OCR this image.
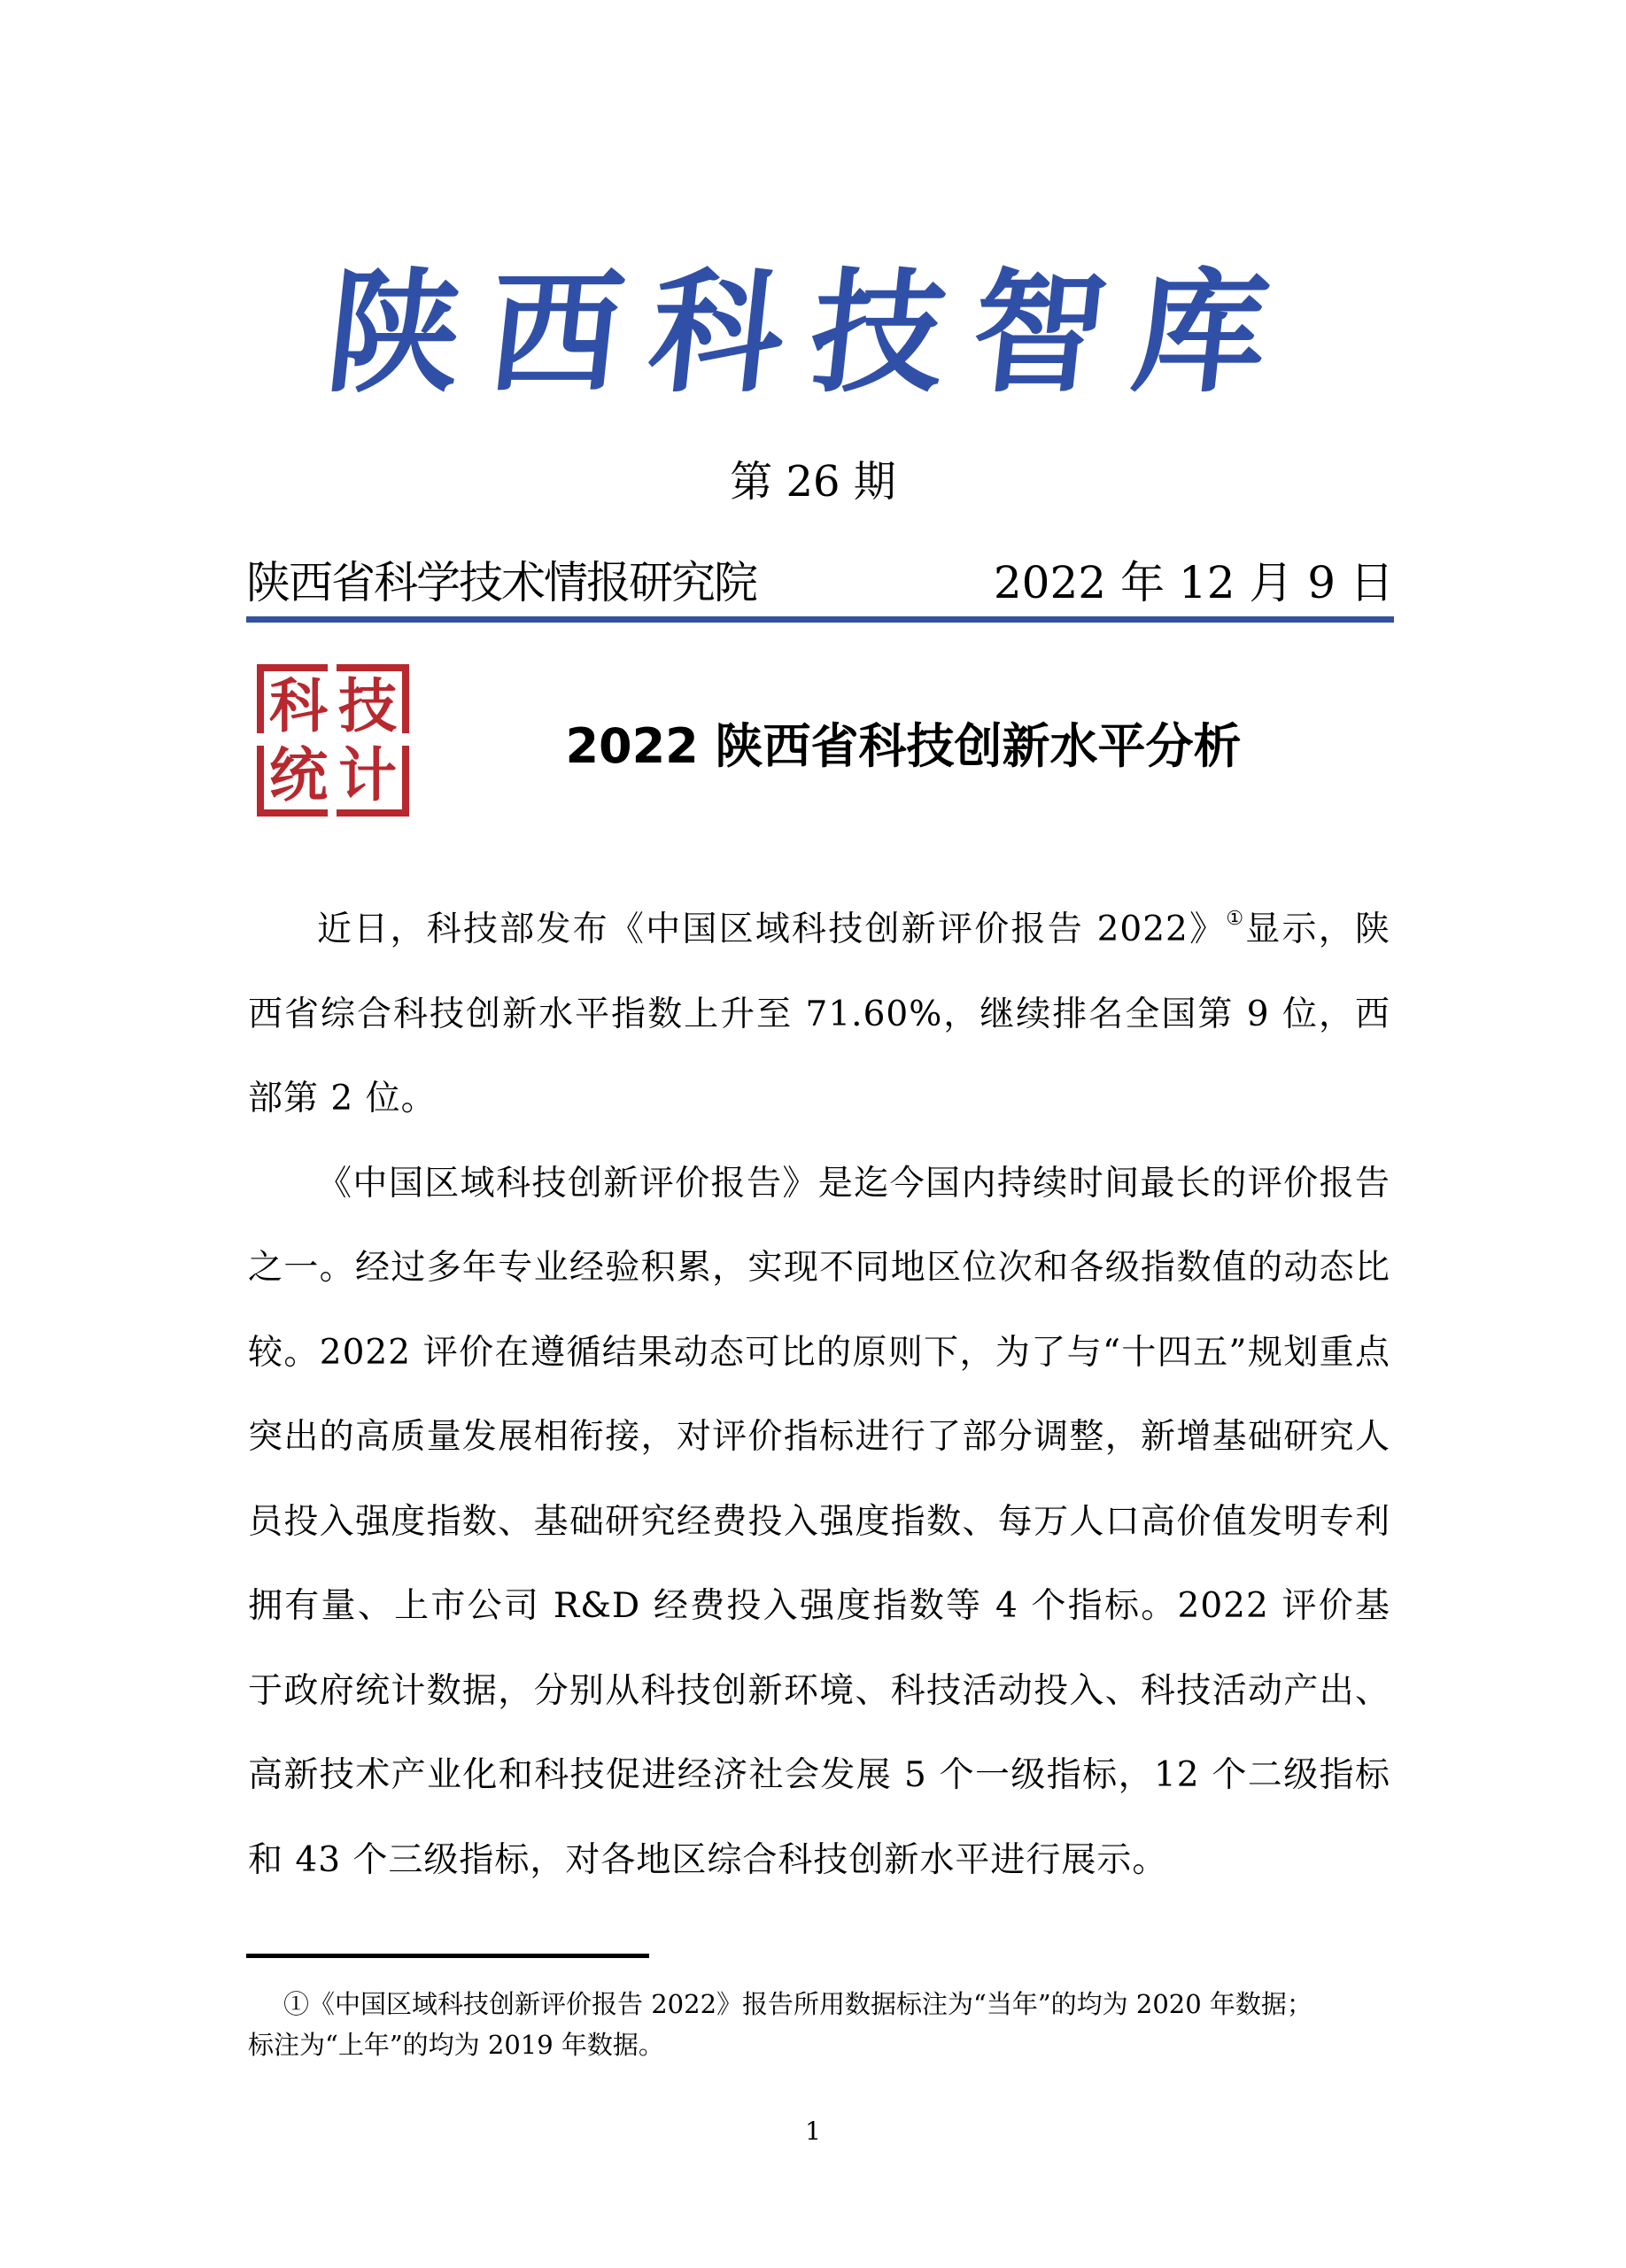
陕西科技智库
第 26 期
陕西省科学技术情报研究院	2022 年 12 月 9 日
科 技
统 计	2022 陕西省科技创新水平分析

近日，科技部发布《中国区域科技创新评价报告 2022》①显示，陕西省综合科技创新水平指数上升至 71.60%，继续排名全国第 9 位，西部第 2 位。

《中国区域科技创新评价报告》是迄今国内持续时间最长的评价报告之一。经过多年专业经验积累，实现不同地区位次和各级指数值的动态比较。2022 评价在遵循结果动态可比的原则下，为了与“十四五”规划重点突出的高质量发展相衔接，对评价指标进行了部分调整，新增基础研究人员投入强度指数、基础研究经费投入强度指数、每万人口高价值发明专利拥有量、上市公司 R&D 经费投入强度指数等 4 个指标。2022 评价基于政府统计数据，分别从科技创新环境、科技活动投入、科技活动产出、高新技术产业化和科技促进经济社会发展 5 个一级指标，12 个二级指标和 43 个三级指标，对各地区综合科技创新水平进行展示。

①《中国区域科技创新评价报告 2022》报告所用数据标注为“当年”的均为 2020 年数据；
标注为“上年”的均为 2019 年数据。
1
